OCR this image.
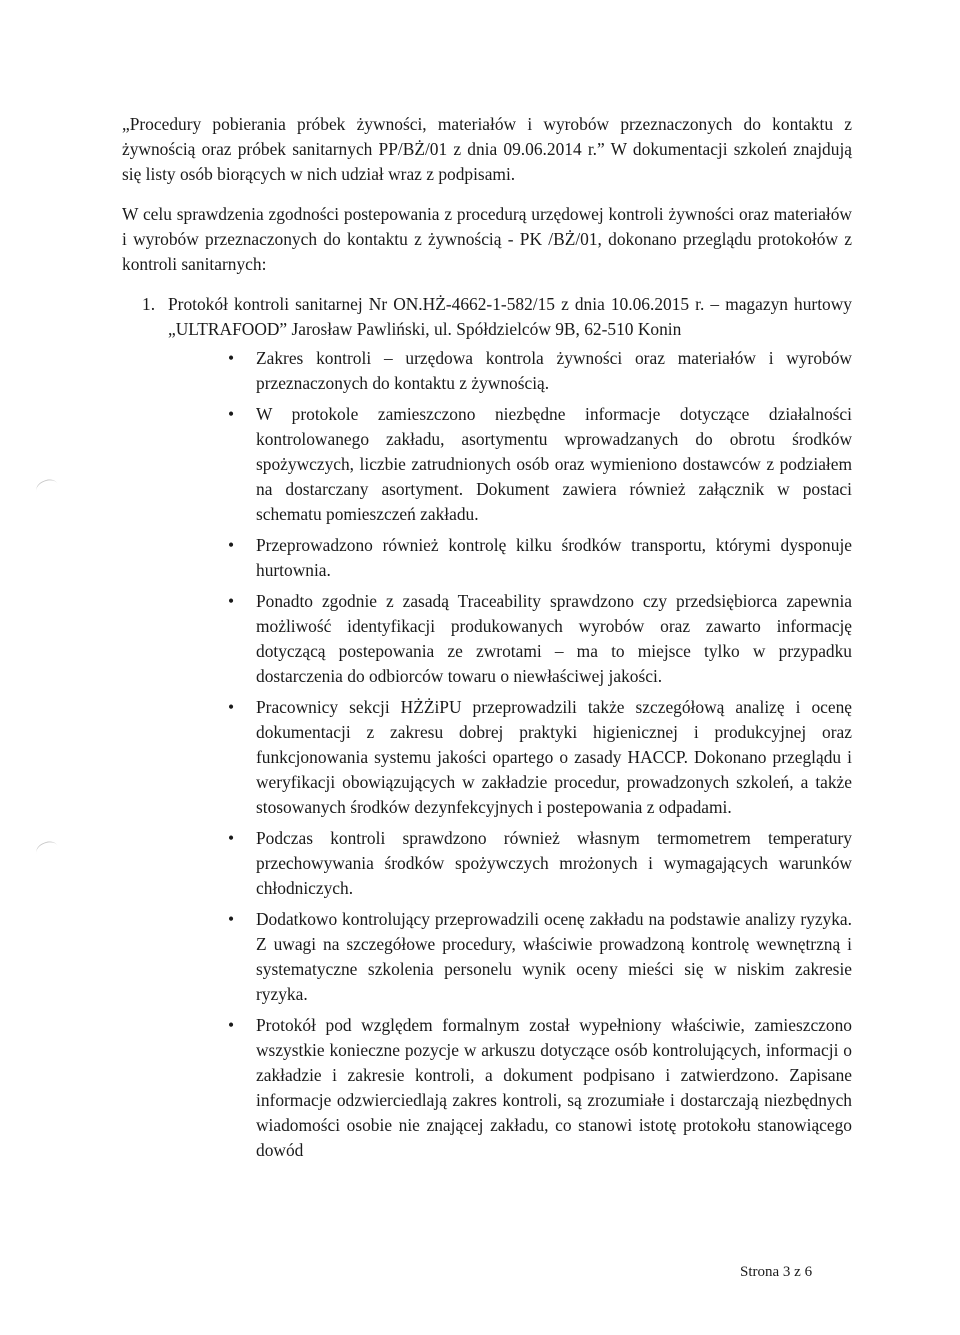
„Procedury pobierania próbek żywności, materiałów i wyrobów przeznaczonych do kontaktu z żywnością oraz próbek sanitarnych PP/BŻ/01 z dnia 09.06.2014 r.” W dokumentacji szkoleń znajdują się listy osób biorących w nich udział wraz z podpisami.

W celu sprawdzenia zgodności postepowania z procedurą urzędowej kontroli żywności oraz materiałów i wyrobów przeznaczonych do kontaktu z żywnością - PK /BŻ/01, dokonano przeglądu protokołów z kontroli sanitarnych:

1. Protokół kontroli sanitarnej Nr ON.HŻ-4662-1-582/15 z dnia 10.06.2015 r. – magazyn hurtowy „ULTRAFOOD” Jarosław Pawliński, ul. Spółdzielców 9B, 62-510 Konin
• Zakres kontroli – urzędowa kontrola żywności oraz materiałów i wyrobów przeznaczonych do kontaktu z żywnością.
• W protokole zamieszczono niezbędne informacje dotyczące działalności kontrolowanego zakładu, asortymentu wprowadzanych do obrotu środków spożywczych, liczbie zatrudnionych osób oraz wymieniono dostawców z podziałem na dostarczany asortyment. Dokument zawiera również załącznik w postaci schematu pomieszczeń zakładu.
• Przeprowadzono również kontrolę kilku środków transportu, którymi dysponuje hurtownia.
• Ponadto zgodnie z zasadą Traceability sprawdzono czy przedsiębiorca zapewnia możliwość identyfikacji produkowanych wyrobów oraz zawarto informację dotyczącą postepowania ze zwrotami – ma to miejsce tylko w przypadku dostarczenia do odbiorców towaru o niewłaściwej jakości.
• Pracownicy sekcji HŻŻiPU przeprowadzili także szczegółową analizę i ocenę dokumentacji z zakresu dobrej praktyki higienicznej i produkcyjnej oraz funkcjonowania systemu jakości opartego o zasady HACCP. Dokonano przeglądu i weryfikacji obowiązujących w zakładzie procedur, prowadzonych szkoleń, a także stosowanych środków dezynfekcyjnych i postepowania z odpadami.
• Podczas kontroli sprawdzono również własnym termometrem temperatury przechowywania środków spożywczych mrożonych i wymagających warunków chłodniczych.
• Dodatkowo kontrolujący przeprowadzili ocenę zakładu na podstawie analizy ryzyka. Z uwagi na szczegółowe procedury, właściwie prowadzoną kontrolę wewnętrzną i systematyczne szkolenia personelu wynik oceny mieści się w niskim zakresie ryzyka.
• Protokół pod względem formalnym został wypełniony właściwie, zamieszczono wszystkie konieczne pozycje w arkuszu dotyczące osób kontrolujących, informacji o zakładzie i zakresie kontroli, a dokument podpisano i zatwierdzono. Zapisane informacje odzwierciedlają zakres kontroli, są zrozumiałe i dostarczają niezbędnych wiadomości osobie nie znającej zakładu, co stanowi istotę protokołu stanowiącego dowód
Strona 3 z 6
